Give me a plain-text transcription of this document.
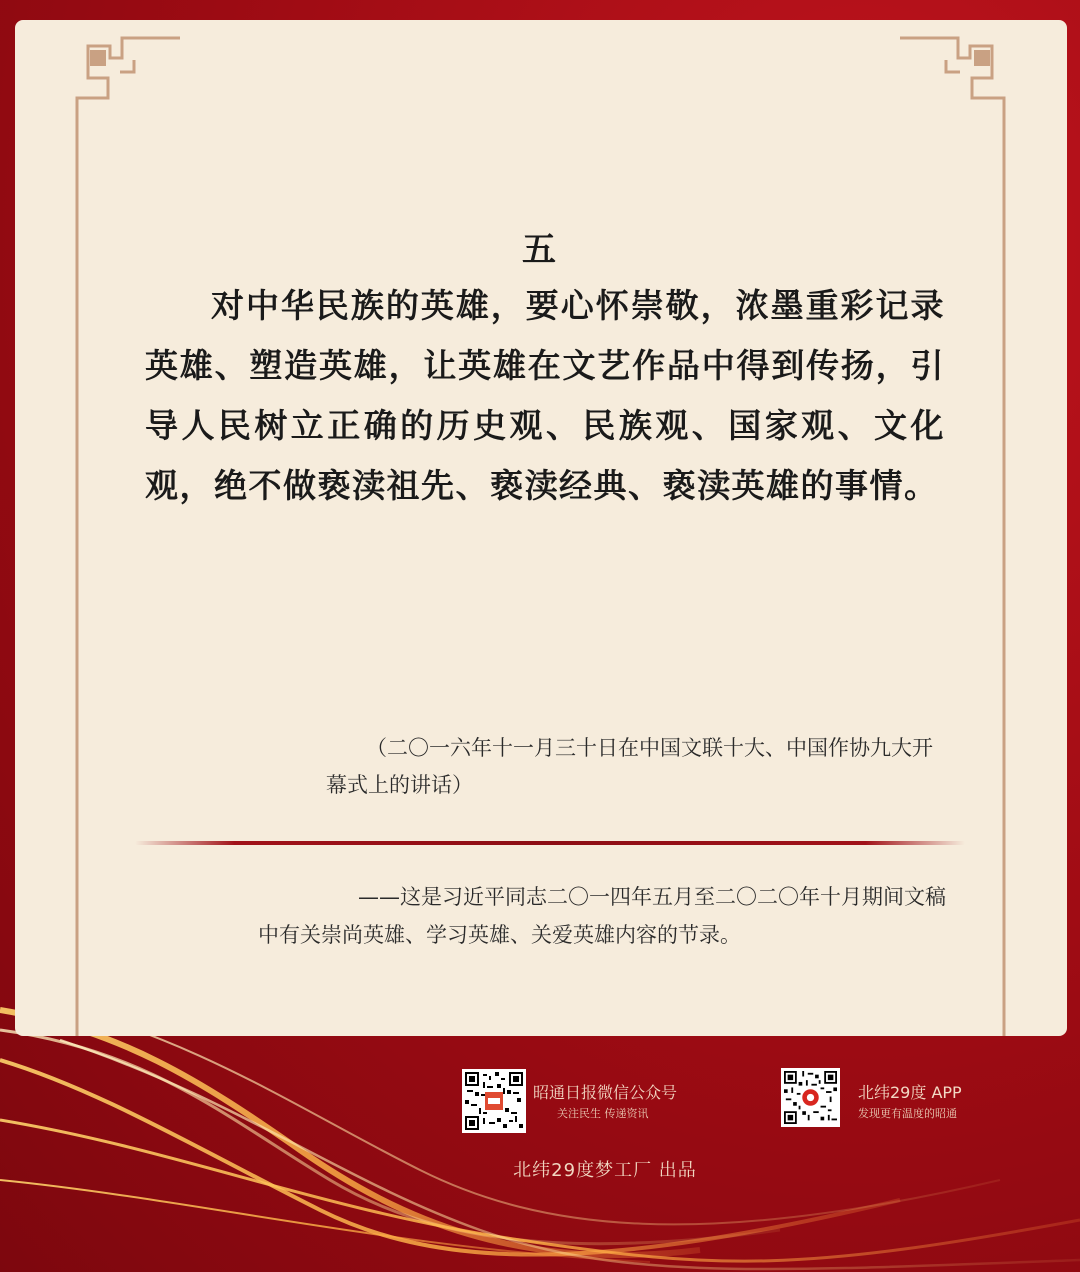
五
对中华民族的英雄，要心怀崇敬，浓墨重彩记录英雄、塑造英雄，让英雄在文艺作品中得到传扬，引导人民树立正确的历史观、民族观、国家观、文化观，绝不做亵渎祖先、亵渎经典、亵渎英雄的事情。
（二〇一六年十一月三十日在中国文联十大、中国作协九大开幕式上的讲话）
——这是习近平同志二〇一四年五月至二〇二〇年十月期间文稿中有关崇尚英雄、学习英雄、关爱英雄内容的节录。
昭通日报微信公众号
关注民生 传递资讯
北纬29度 APP
发现更有温度的昭通
北纬29度梦工厂 出品
